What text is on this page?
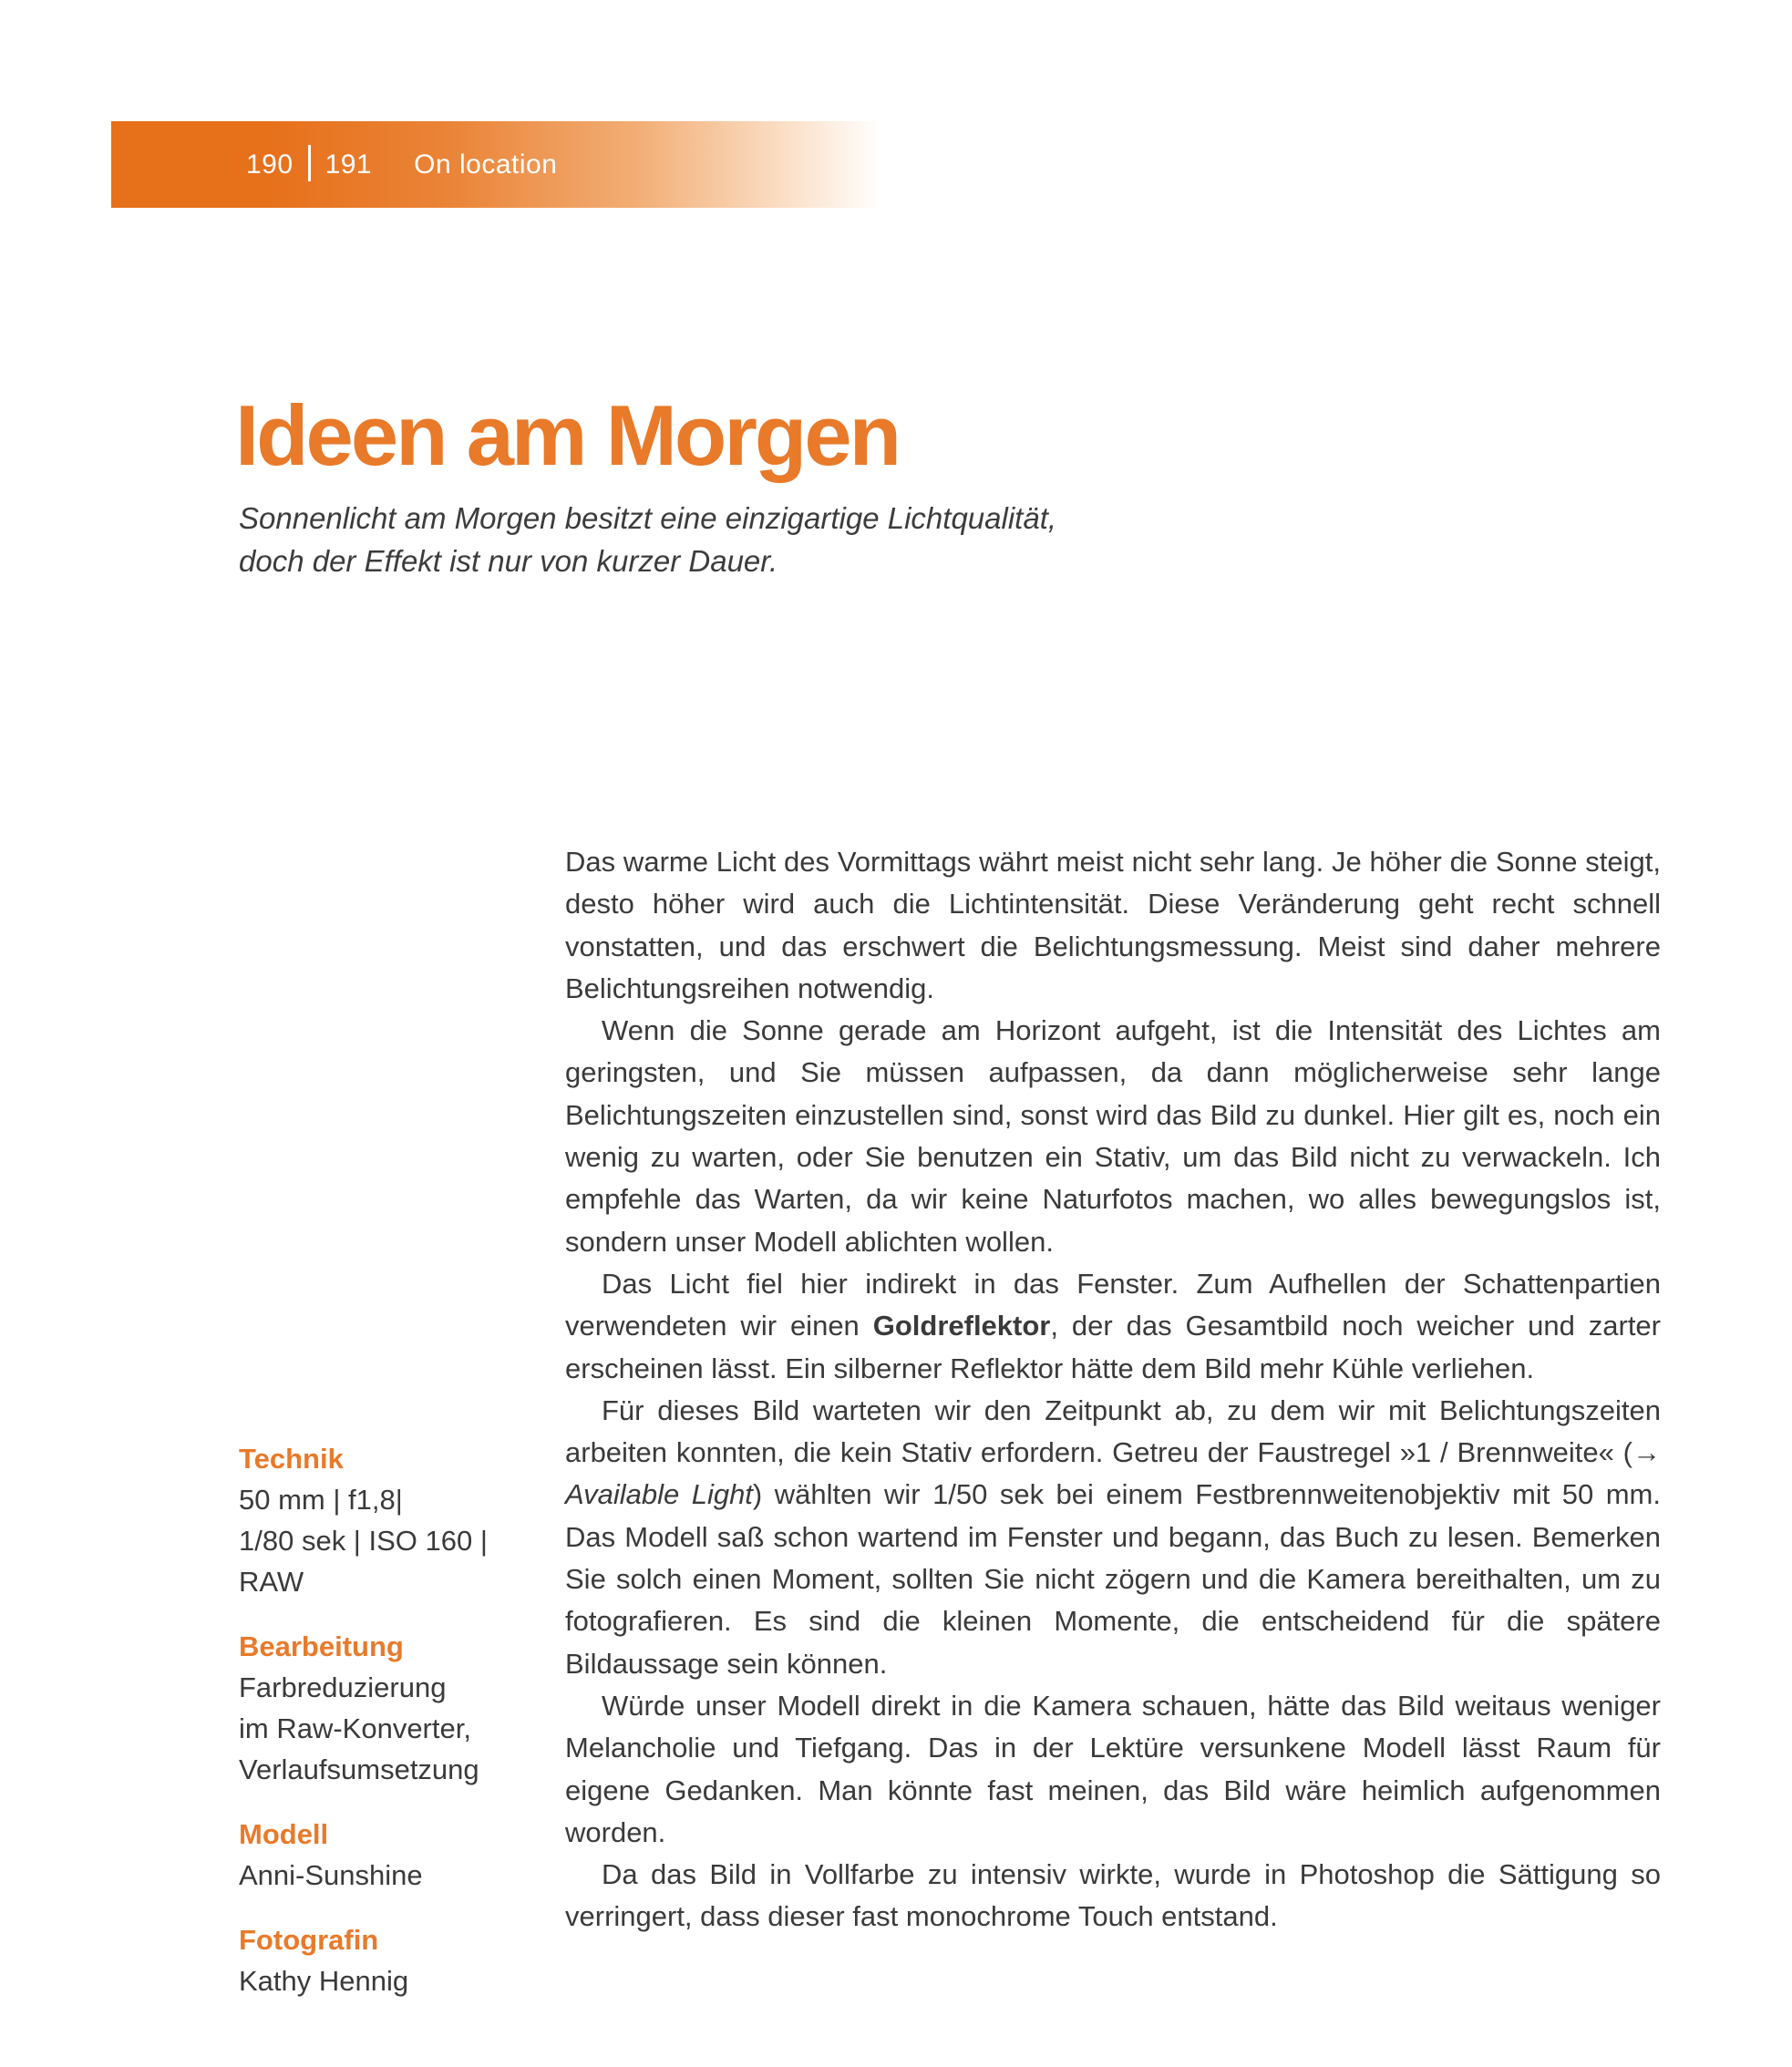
190 191 On location
Ideen am Morgen

Sonnenlicht am Morgen besitzt eine einzigartige Lichtqualität,
doch der Effekt ist nur von kurzer Dauer.

Technik

50 mm | f1,8|

1/80 sek | ISO 160 |

RAW

Bearbeitung

Farbreduzierung

im Raw-Konverter,

Verlaufsumsetzung

Modell

Anni-Sunshine

Fotografin

Kathy Hennig

Das warme Licht des Vormittags währt meist nicht sehr lang. Je höher die Sonne steigt, desto höher wird auch die Lichtintensität. Diese Veränderung geht recht schnell vonstatten, und das erschwert die Belichtungsmessung. Meist sind daher mehrere Belichtungsreihen notwendig.

Wenn die Sonne gerade am Horizont aufgeht, ist die Intensität des Lichtes am geringsten, und Sie müssen aufpassen, da dann möglicherweise sehr lange Belichtungszeiten einzustellen sind, sonst wird das Bild zu dunkel. Hier gilt es, noch ein wenig zu warten, oder Sie benutzen ein Stativ, um das Bild nicht zu verwackeln. Ich empfehle das Warten, da wir keine Naturfotos machen, wo alles bewegungslos ist, sondern unser Modell ablichten wollen.

Das Licht fiel hier indirekt in das Fenster. Zum Aufhellen der Schattenpartien verwendeten wir einen Goldreflektor, der das Gesamtbild noch weicher und zarter erscheinen lässt. Ein silberner Reflektor hätte dem Bild mehr Kühle verliehen.

Für dieses Bild warteten wir den Zeitpunkt ab, zu dem wir mit Belichtungszeiten arbeiten konnten, die kein Stativ erfordern. Getreu der Faustregel »1 / Brennweite« (→ Available Light) wählten wir 1/50 sek bei einem Festbrennweitenobjektiv mit 50 mm. Das Modell saß schon wartend im Fenster und begann, das Buch zu lesen. Bemerken Sie solch einen Moment, sollten Sie nicht zögern und die Kamera bereithalten, um zu fotografieren. Es sind die kleinen Momente, die entscheidend für die spätere Bildaussage sein können.

Würde unser Modell direkt in die Kamera schauen, hätte das Bild weitaus weniger Melancholie und Tiefgang. Das in der Lektüre versunkene Modell lässt Raum für eigene Gedanken. Man könnte fast meinen, das Bild wäre heimlich aufgenommen worden.

Da das Bild in Vollfarbe zu intensiv wirkte, wurde in Photoshop die Sättigung so verringert, dass dieser fast monochrome Touch entstand.
